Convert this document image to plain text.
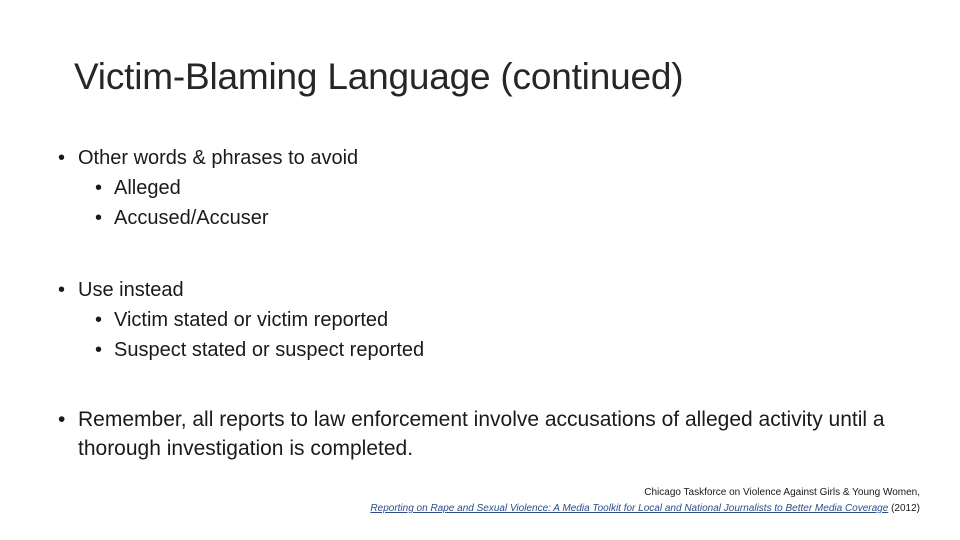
Victim-Blaming Language (continued)
• Other words & phrases to avoid
• Alleged
• Accused/Accuser
• Use instead
• Victim stated or victim reported
• Suspect stated or suspect reported
• Remember, all reports to law enforcement involve accusations of alleged activity until a thorough investigation is completed.
Chicago Taskforce on Violence Against Girls & Young Women,
Reporting on Rape and Sexual Violence: A Media Toolkit for Local and National Journalists to Better Media Coverage (2012)
